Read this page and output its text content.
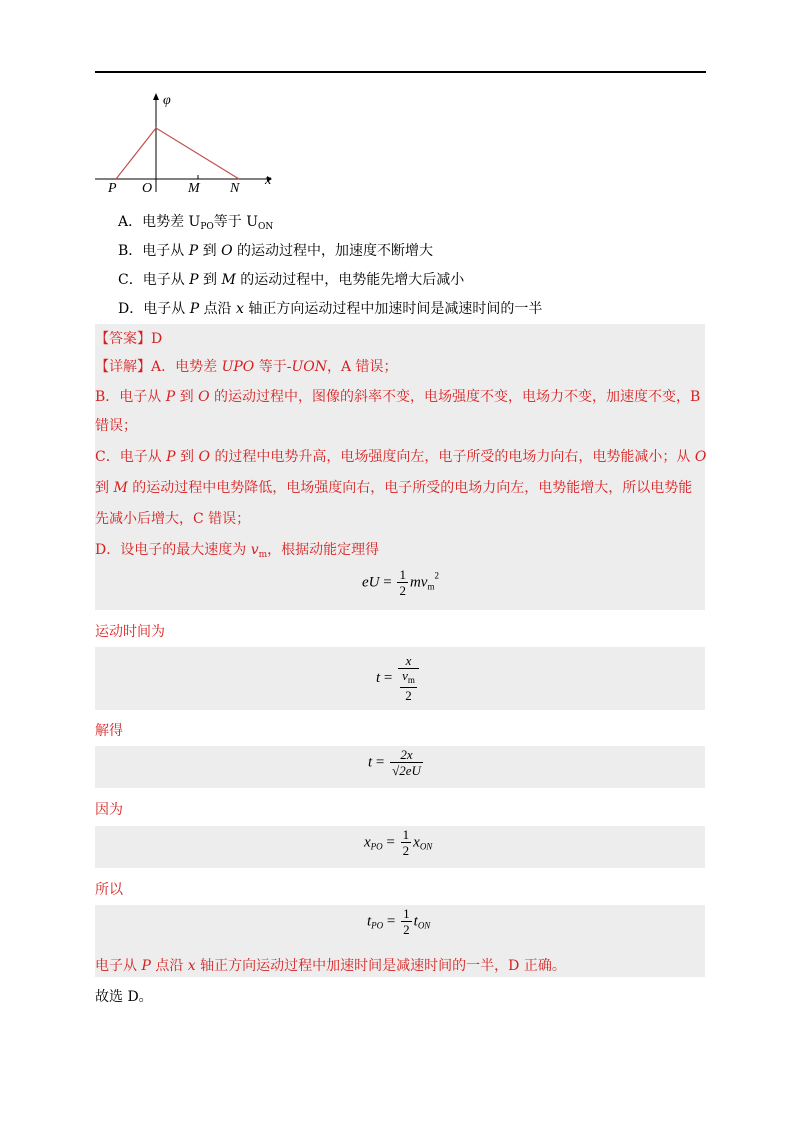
φ
x
P O	M N
A．电势差 $U_{PO}$等于 $U_{ON}$
B．电子从 P 到 O 的运动过程中，加速度不断增大
C．电子从 P 到 M 的运动过程中，电势能先增大后减小
D．电子从 P 点沿 x 轴正方向运动过程中加速时间是减速时间的一半
【答案】D
【详解】A．电势差 UPO 等于-UON，A 错误；
B．电子从 P 到 O 的运动过程中，图像的斜率不变，电场强度不变，电场力不变，加速度不变，B
错误；
C．电子从 P 到 O 的过程中电势升高，电场强度向左，电子所受的电场力向右，电势能减小；从 O
到 M 的运动过程中电势降低，电场强度向右，电子所受的电场力向左，电势能增大，所以电势能
先减小后增大，C 错误；
D．设电子的最大速度为 $v_m$，根据动能定理得
eU = $\frac{1}{2} mv_m^2$
运动时间为
$t = \frac{x}{\frac{v_m}{2}}$
解得
$t = \frac{2x}{√2eU}$
因为
$x_{PO} = \frac{1}{2} x_{ON}$
所以
$t_{PO} = \frac{1}{2} t_{ON}$
电子从 P 点沿 x 轴正方向运动过程中加速时间是减速时间的一半，D 正确。
故选 D。
